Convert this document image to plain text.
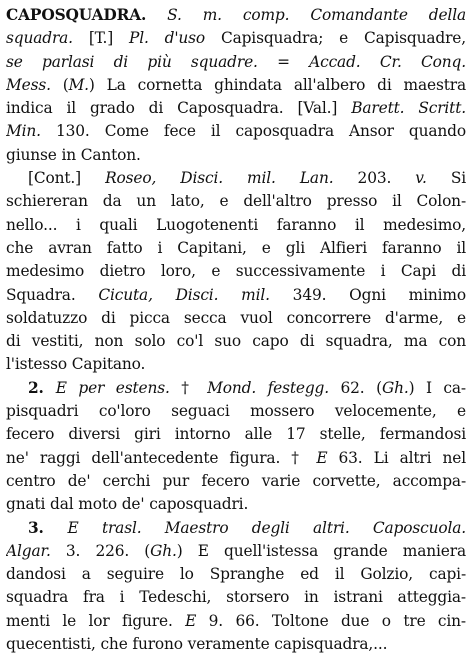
CAPOSQUADRA. S. m. comp. Comandante della
squadra. [T.] Pl. d'uso Capisquadra; e Capisquadre,
se parlasi di più squadre. = Accad. Cr. Conq.
Mess. (M.) La cornetta ghindata all'albero di maestra
indica il grado di Caposquadra. [Val.] Barett. Scritt.
Min. 130. Come fece il caposquadra Ansor quando
giunse in Canton.
[Cont.] Roseo, Disci. mil. Lan. 203. v. Si
schiereran da un lato, e dell'altro presso il Colon-
nello... i quali Luogotenenti faranno il medesimo,
che avran fatto i Capitani, e gli Alfieri faranno il
medesimo dietro loro, e successivamente i Capi di
Squadra. Cicuta, Disci. mil. 349. Ogni minimo
soldatuzzo di picca secca vuol concorrere d'arme, e
di vestiti, non solo co'l suo capo di squadra, ma con
l'istesso Capitano.
2. E per estens. † Mond. festegg. 62. (Gh.) I ca-
pisquadri co'loro seguaci mossero velocemente, e
fecero diversi giri intorno alle 17 stelle, fermandosi
ne' raggi dell'antecedente figura. † E 63. Li altri nel
centro de' cerchi pur fecero varie corvette, accompa-
gnati dal moto de' caposquadri.
3. E trasl. Maestro degli altri. Caposcuola.
Algar. 3. 226. (Gh.) E quell'istessa grande maniera
dandosi a seguire lo Spranghe ed il Golzio, capi-
squadra fra i Tedeschi, storsero in istrani atteggia-
menti le lor figure. E 9. 66. Toltone due o tre cin-
quecentisti, che furono veramente capisquadra,...
